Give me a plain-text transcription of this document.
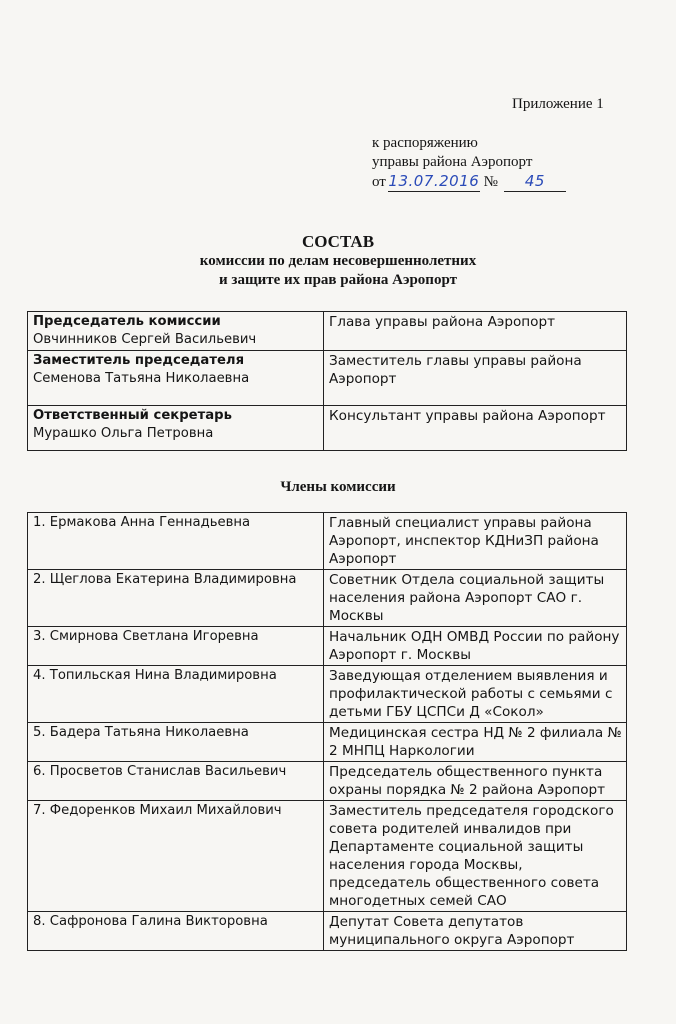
Приложение 1
к распоряжению
управы района Аэропорт
от 13.07.2016 № 45
СОСТАВ
комиссии по делам несовершеннолетних
и защите их прав района Аэропорт
Председатель комиссии
Овчинников Сергей Васильевич	Глава управы района Аэропорт

Заместитель председателя
Семенова Татьяна Николаевна	Заместитель главы управы района Аэропорт

Ответственный секретарь
Мурашко Ольга Петровна	Консультант управы района Аэропорт
Члены комиссии
1. Ермакова Анна Геннадьевна	Главный специалист управы района Аэропорт, инспектор КДНиЗП района Аэропорт
2. Щеглова Екатерина Владимировна	Советник Отдела социальной защиты населения района Аэропорт САО г. Москвы
3. Смирнова Светлана Игоревна	Начальник ОДН ОМВД России по району Аэропорт г. Москвы
4. Топильская Нина Владимировна	Заведующая отделением выявления и профилактической работы с семьями с детьми ГБУ ЦСПСи Д «Сокол»
5. Бадера Татьяна Николаевна	Медицинская сестра НД № 2 филиала № 2 МНПЦ Наркологии
6. Просветов Станислав Васильевич	Председатель общественного пункта охраны порядка № 2 района Аэропорт
7. Федоренков Михаил Михайлович	Заместитель председателя городского совета родителей инвалидов при Департаменте социальной защиты населения города Москвы, председатель общественного совета многодетных семей САО
8. Сафронова Галина Викторовна	Депутат Совета депутатов муниципального округа Аэропорт
